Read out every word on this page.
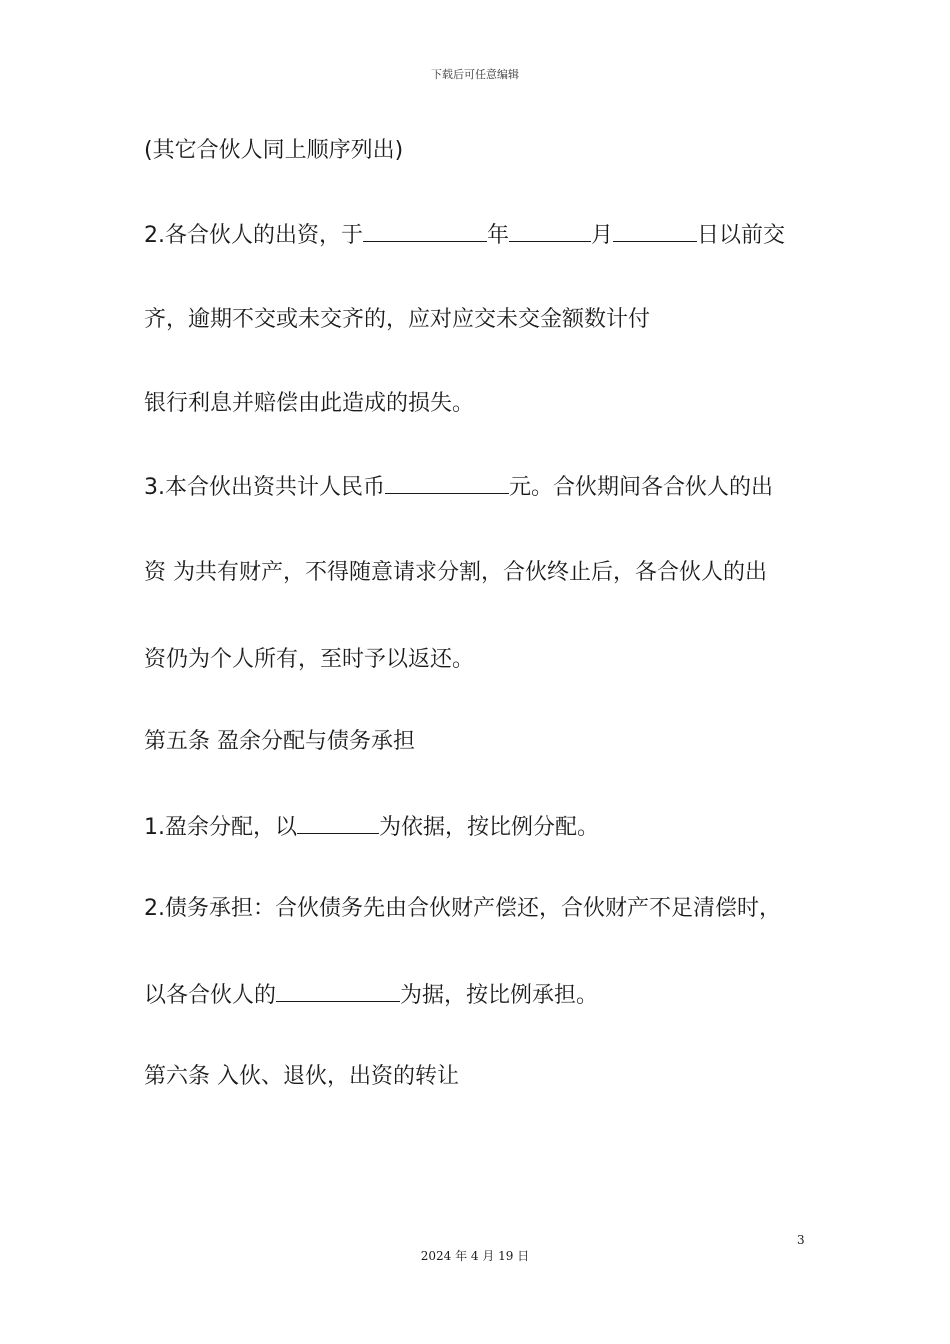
下载后可任意编辑
(其它合伙人同上顺序列出)
2.各合伙人的出资，于	年	月	日以前交
齐，逾期不交或未交齐的，应对应交未交金额数计付
银行利息并赔偿由此造成的损失。
3.本合伙出资共计人民币	元。合伙期间各合伙人的出
资 为共有财产，不得随意请求分割，合伙终止后，各合伙人的出
资仍为个人所有，至时予以返还。
第五条 盈余分配与债务承担
1.盈余分配，以	为依据，按比例分配。
2.债务承担：合伙债务先由合伙财产偿还，合伙财产不足清偿时，
以各合伙人的	为据，按比例承担。
第六条 入伙、退伙，出资的转让
3
2024 年 4 月 19 日
